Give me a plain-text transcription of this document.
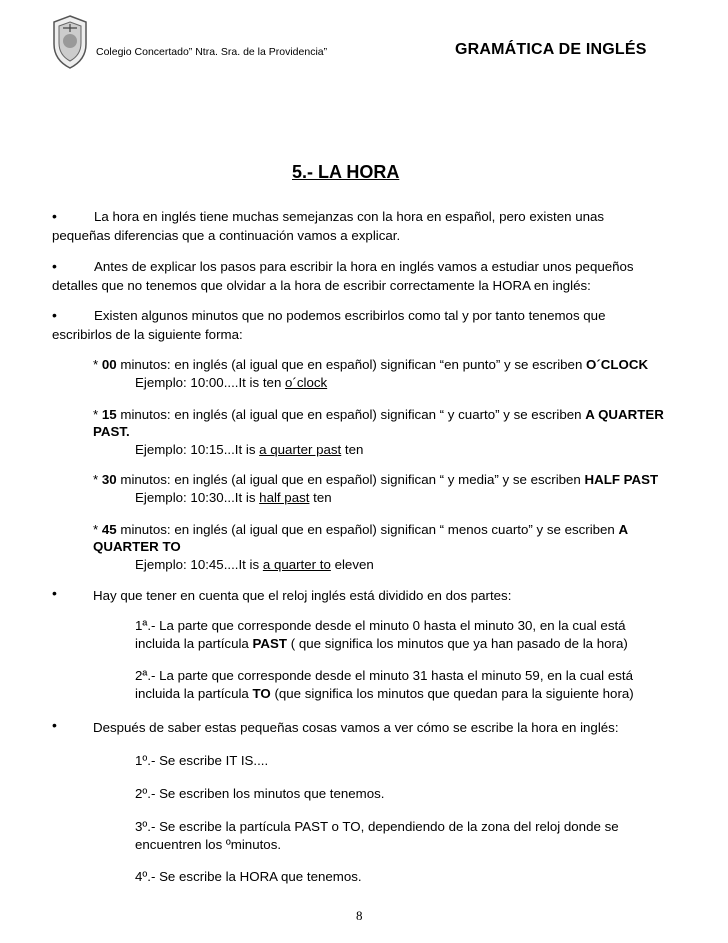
Colegio Concertado” Ntra. Sra. de la Providencia”	GRAMÁTICA DE INGLÉS
5.- LA HORA
•	La hora en inglés tiene muchas semejanzas con la hora en español, pero existen unas
pequeñas diferencias que a continuación vamos a explicar.
•	Antes de explicar los pasos para escribir la hora en inglés vamos a estudiar unos pequeños
detalles que no tenemos que olvidar a la hora de escribir correctamente la HORA en inglés:
•	Existen algunos minutos que no podemos escribirlos como tal y por tanto tenemos que
escribirlos de la siguiente forma:
* 00 minutos: en inglés (al igual que en español) significan “en punto” y se escriben O´CLOCK
Ejemplo: 10:00....It is ten o´clock
* 15 minutos: en inglés (al igual que en español) significan “ y cuarto” y se escriben A QUARTER
PAST.
Ejemplo: 10:15...It is a quarter past ten
* 30 minutos: en inglés (al igual que en español) significan “ y media” y se escriben HALF PAST
Ejemplo: 10:30...It is half past ten
* 45 minutos: en inglés (al igual que en español) significan “ menos cuarto” y se escriben A
QUARTER TO
Ejemplo: 10:45....It is a quarter to eleven
•	Hay que tener en cuenta que el reloj inglés está dividido en dos partes:
1ª.- La parte que corresponde desde el minuto 0 hasta el minuto 30, en la cual está
incluida la partícula PAST ( que significa los minutos que ya han pasado de la hora)
2ª.- La parte que corresponde desde el minuto 31 hasta el minuto 59, en la cual está
incluida la partícula TO (que significa los minutos que quedan para la siguiente hora)
•	Después de saber estas pequeñas cosas vamos a ver cómo se escribe la hora en inglés:
1º.- Se escribe IT IS....
2º.- Se escriben los minutos que tenemos.
3º.- Se escribe la partícula PAST o TO, dependiendo de la zona del reloj donde se
encuentren los ºminutos.
4º.- Se escribe la HORA que tenemos.
8
